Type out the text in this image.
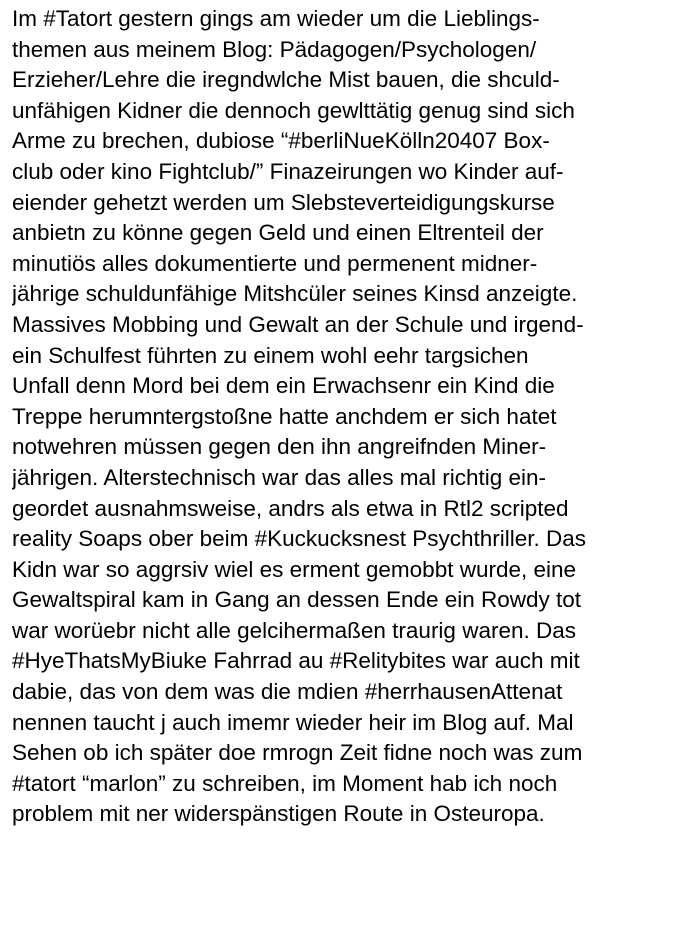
Im #Tatort gestern gings am wieder um die Lieblings-
themen aus meinem Blog: Pädagogen/Psychologen/
Erzieher/Lehre die iregndwlche Mist bauen, die shculd-
unfähigen Kidner die dennoch gewlttätig genug sind sich
Arme zu brechen, dubiose “#berliNueKölln20407 Box-
club oder kino Fightclub/” Finazeirungen wo Kinder auf-
eiender gehetzt werden um Slebsteverteidigungskurse
anbietn zu könne gegen Geld und einen Eltrenteil der
minutiös alles dokumentierte und permenent midner-
jährige schuldunfähige Mitshcüler seines Kinsd anzeigte.
Massives Mobbing und Gewalt an der Schule und irgend-
ein Schulfest führten zu einem wohl eehr targsichen
Unfall denn Mord bei dem ein Erwachsenr ein Kind die
Treppe herumntergstoßne hatte anchdem er sich hatet
notwehren müssen gegen den ihn angreifnden Miner-
jährigen. Alterstechnisch war das alles mal richtig ein-
geordet ausnahmsweise, andrs als etwa in Rtl2 scripted
reality Soaps ober beim #Kuckucksnest Psychthriller. Das
Kidn war so aggrsiv wiel es erment gemobbt wurde, eine
Gewaltspiral kam in Gang an dessen Ende ein Rowdy tot
war worüebr nicht alle gelcihermaßen traurig waren. Das
#HyeThatsMyBiuke Fahrrad au #Relitybites war auch mit
dabie, das von dem was die mdien #herrhausenAttenat
nennen taucht j auch imemr wieder heir im Blog auf. Mal
Sehen ob ich später doe rmrogn Zeit fidne noch was zum
#tatort “marlon” zu schreiben, im Moment hab ich noch
problem mit ner widerspänstigen Route in Osteuropa.
